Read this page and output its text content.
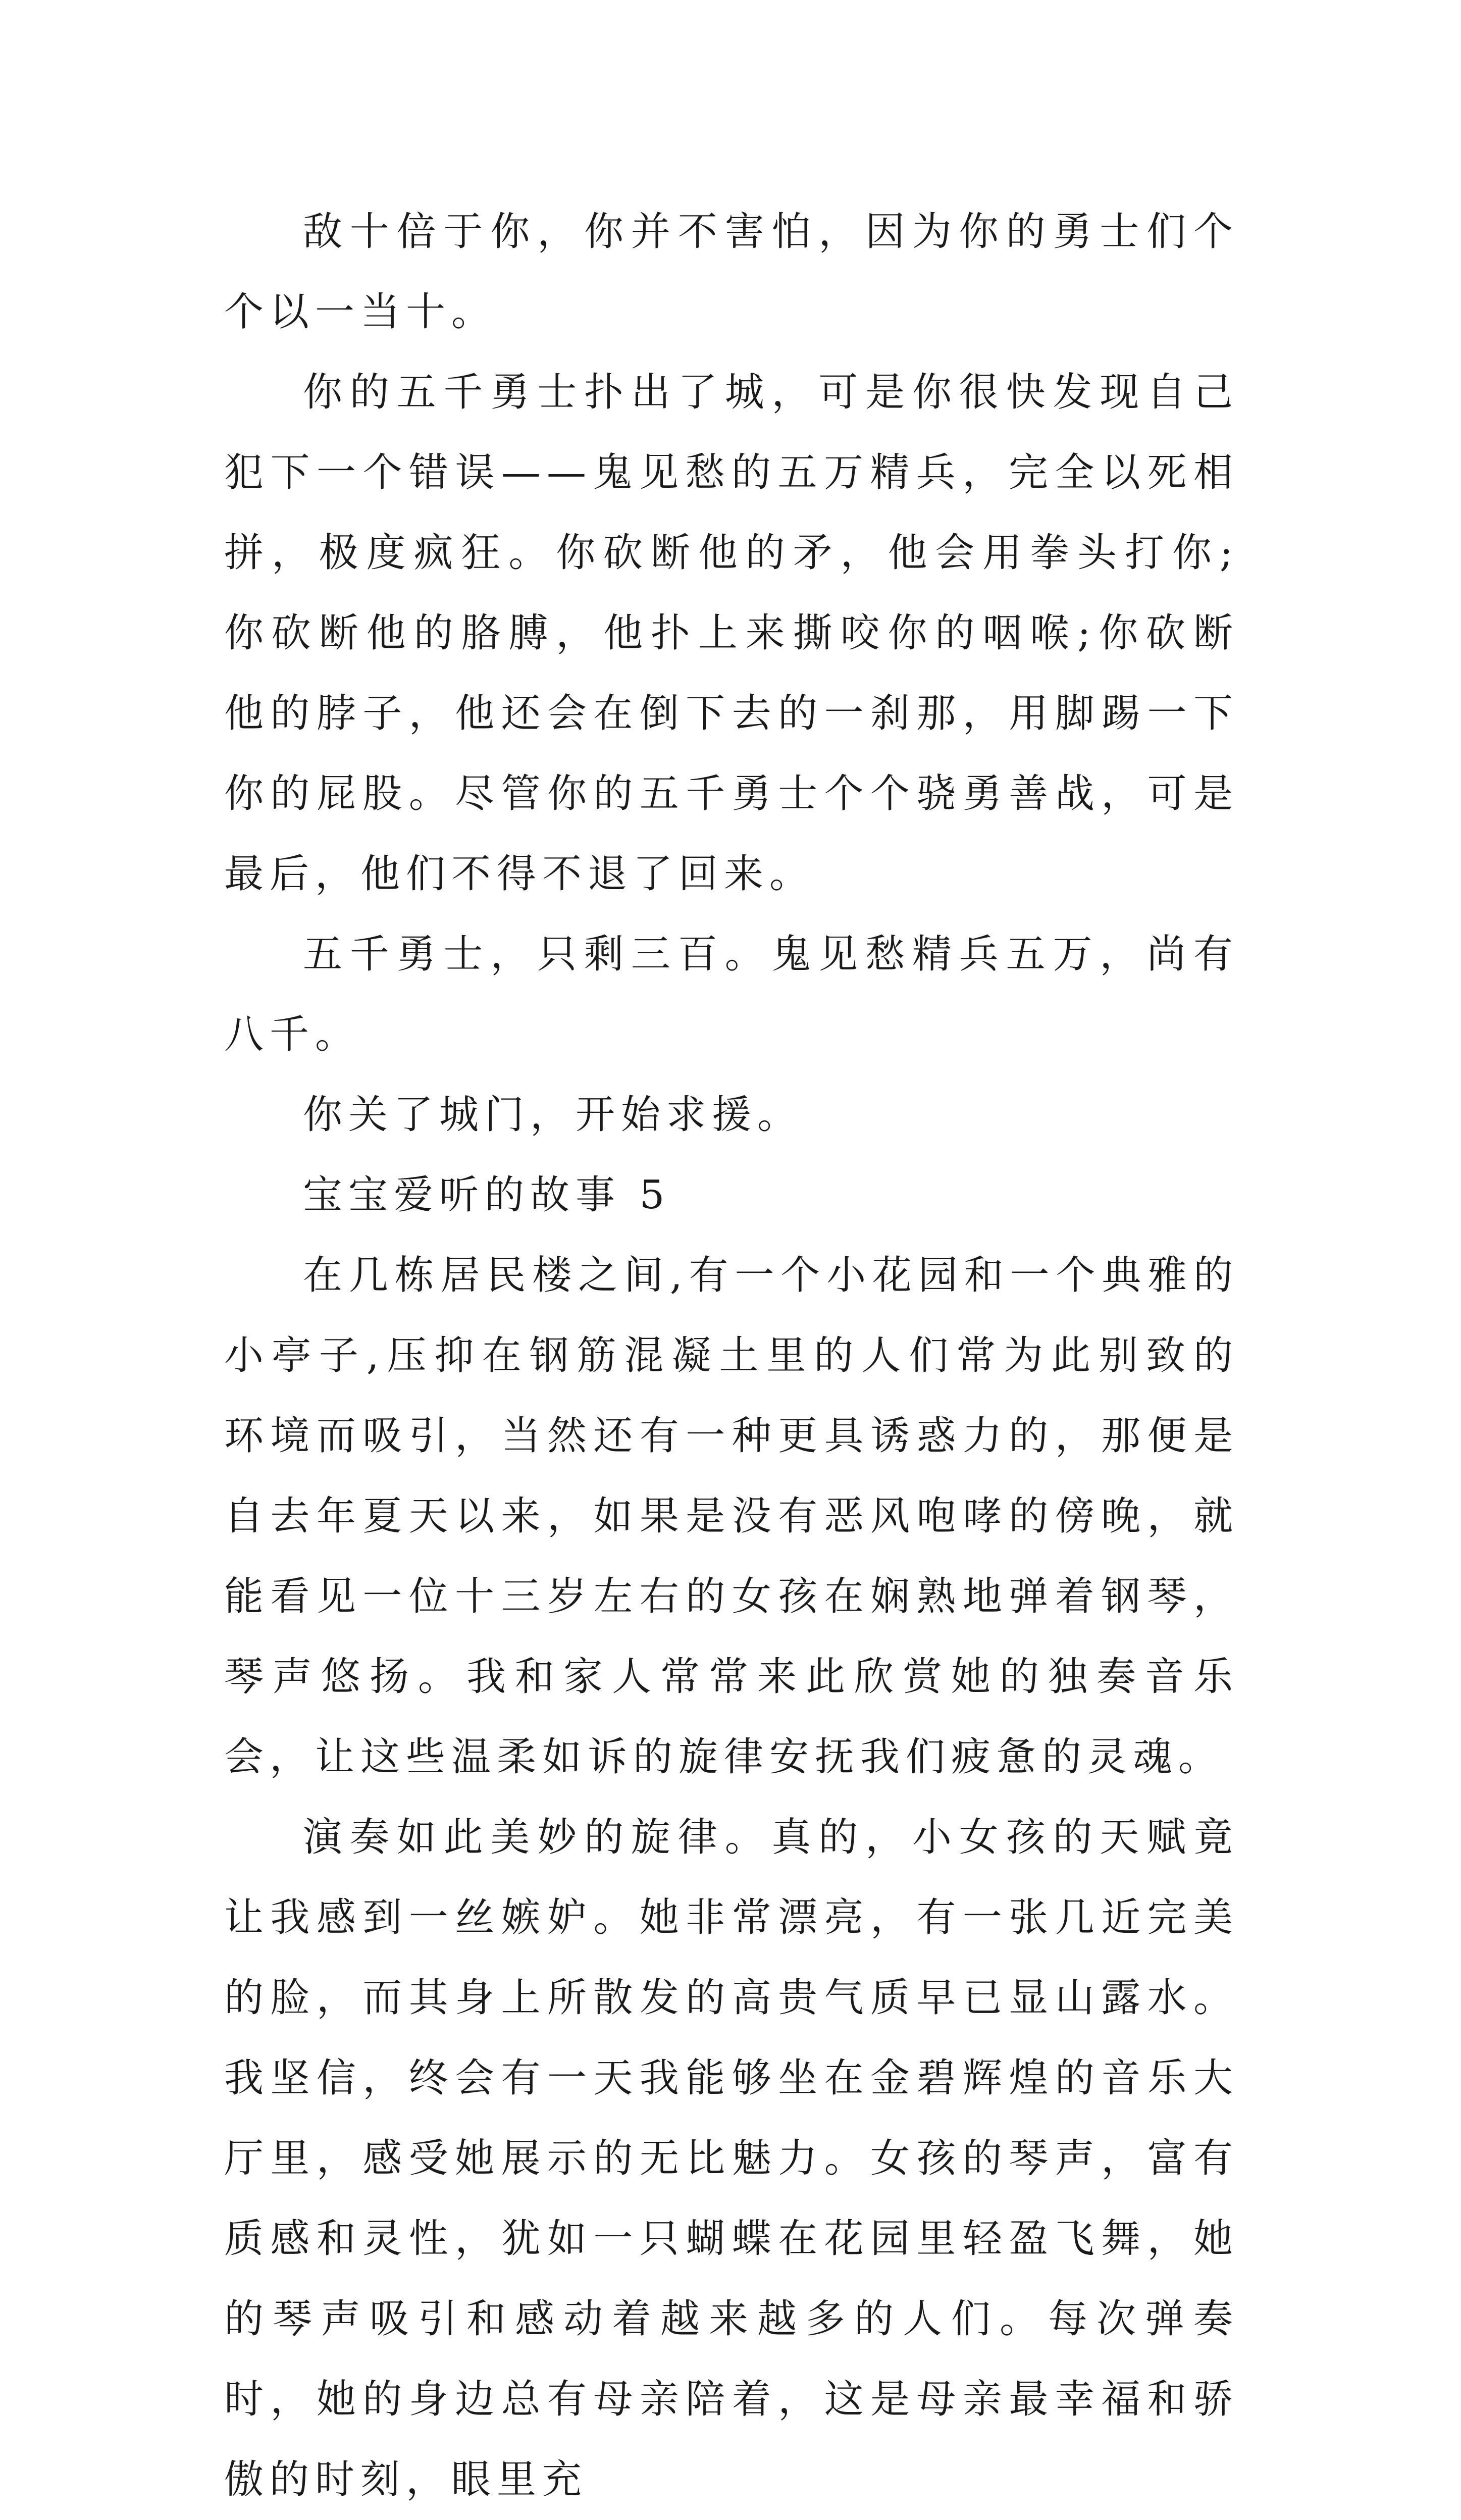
敌十倍于你，你并不害怕，因为你的勇士们个个以一当十。

你的五千勇士扑出了城，可是你很快发现自己犯下一个错误——鬼见愁的五万精兵，完全以死相拼，极度疯狂。你砍断他的矛，他会用拳头打你;你砍断他的胳膊，他扑上来撕咬你的咽喉;你砍断他的脖子，他还会在倒下去的一刹那，用脚踢一下你的屁股。尽管你的五千勇士个个骁勇善战，可是最后，他们不得不退了回来。

五千勇士，只剩三百。鬼见愁精兵五万，尚有八千。

你关了城门，开始求援。

宝宝爱听的故事 5

在几栋居民楼之间,有一个小花园和一个典雅的小亭子,压抑在钢筋混凝土里的人们常为此别致的环境而吸引，当然还有一种更具诱惑力的，那便是自去年夏天以来，如果是没有恶风咆哮的傍晚，就能看见一位十三岁左右的女孩在娴熟地弹着钢琴，琴声悠扬。我和家人常常来此欣赏她的独奏音乐会，让这些温柔如诉的旋律安抚我们疲惫的灵魂。

演奏如此美妙的旋律。真的，小女孩的天赋竟让我感到一丝嫉妒。她非常漂亮，有一张几近完美的脸，而其身上所散发的高贵气质早已显山露水。我坚信，终会有一天我能够坐在金碧辉煌的音乐大厅里，感受她展示的无比魅力。女孩的琴声，富有质感和灵性，犹如一只蝴蝶在花园里轻盈飞舞，她的琴声吸引和感动着越来越多的人们。每次弹奏时，她的身边总有母亲陪着，这是母亲最幸福和骄傲的时刻，眼里充
